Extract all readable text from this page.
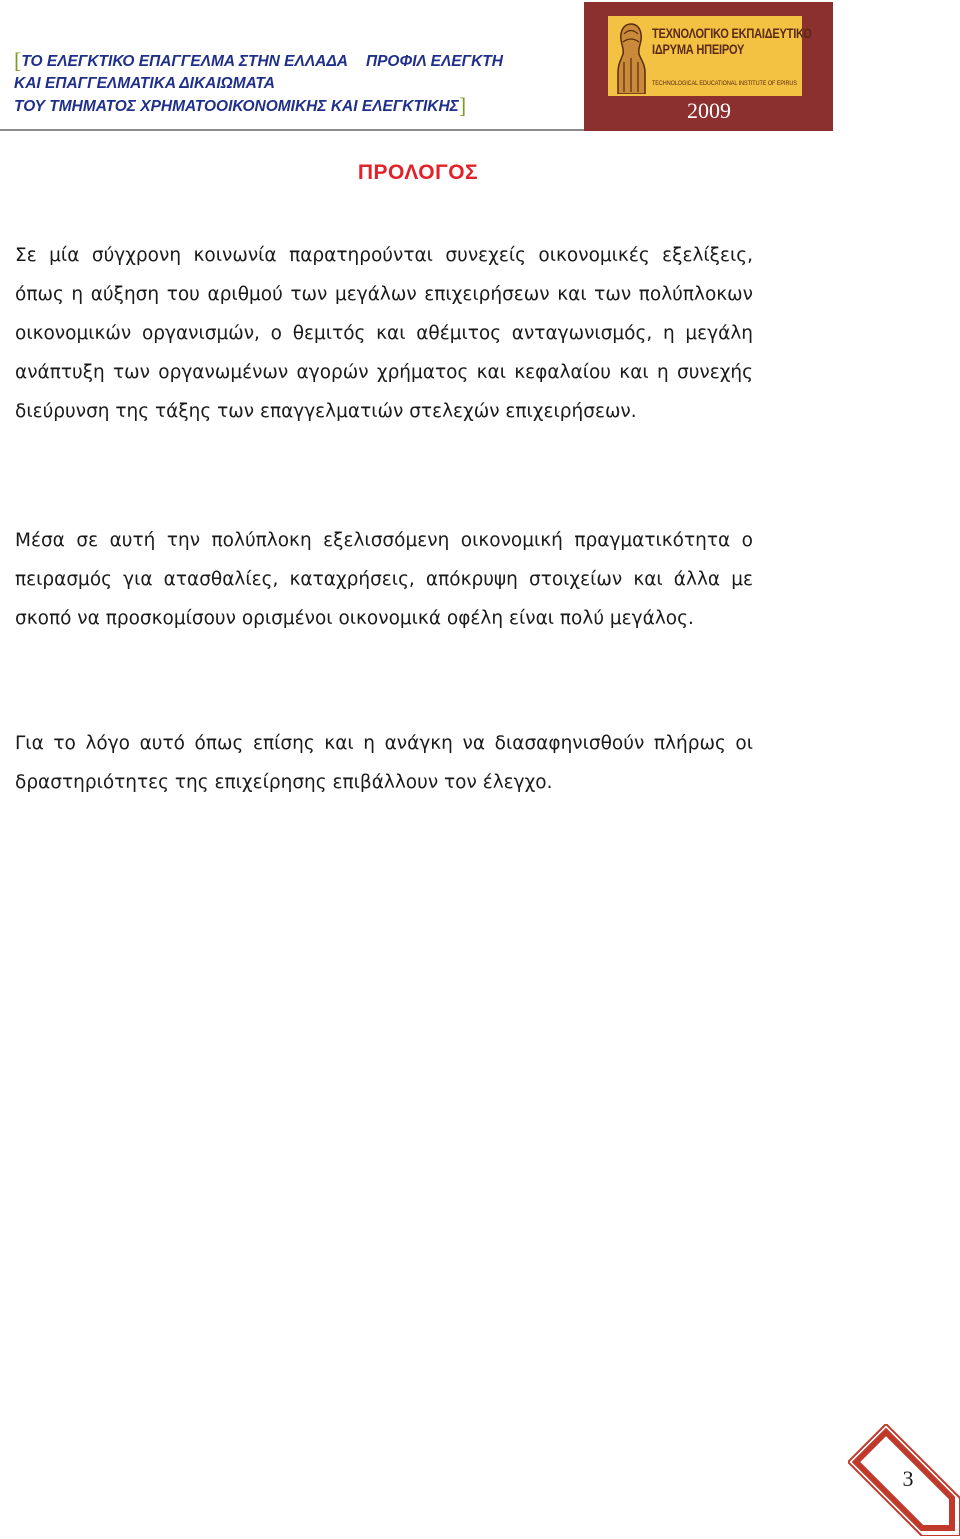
[ΤΟ ΕΛΕΓΚΤΙΚΟ ΕΠΑΓΓΕΛΜΑ ΣΤΗΝ ΕΛΛΑΔΑ ΠΡΟΦΙΛ ΕΛΕΓΚΤΗ
ΚΑΙ ΕΠΑΓΓΕΛΜΑΤΙΚΑ ΔΙΚΑΙΩΜΑΤΑ
ΤΟΥ ΤΜΗΜΑΤΟΣ ΧΡΗΜΑΤΟΟΙΚΟΝΟΜΙΚΗΣ ΚΑΙ ΕΛΕΓΚΤΙΚΗΣ]
ΤΕΧΝΟΛΟΓΙΚΟ ΕΚΠΑΙΔΕΥΤΙΚΟ
ΙΔΡΥΜΑ ΗΠΕΙΡΟΥ
TECHNOLOGICAL EDUCATIONAL INSTITUTE OF EPIRUS
2009
ΠΡΟΛΟΓΟΣ

Σε μία σύγχρονη κοινωνία παρατηρούνται συνεχείς οικονομικές εξελίξεις, όπως η αύξηση του αριθμού των μεγάλων επιχειρήσεων και των πολύπλοκων οικονομικών οργανισμών, ο θεμιτός και αθέμιτος ανταγωνισμός, η μεγάλη ανάπτυξη των οργανωμένων αγορών χρήματος και κεφαλαίου και η συνεχής διεύρυνση της τάξης των επαγγελματιών στελεχών επιχειρήσεων.

Μέσα σε αυτή την πολύπλοκη εξελισσόμενη οικονομική πραγματικότητα ο πειρασμός για ατασθαλίες, καταχρήσεις, απόκρυψη στοιχείων και άλλα με σκοπό να προσκομίσουν ορισμένοι οικονομικά οφέλη είναι πολύ μεγάλος.

Για το λόγο αυτό όπως επίσης και η ανάγκη να διασαφηνισθούν πλήρως οι δραστηριότητες της επιχείρησης επιβάλλουν τον έλεγχο.

3
